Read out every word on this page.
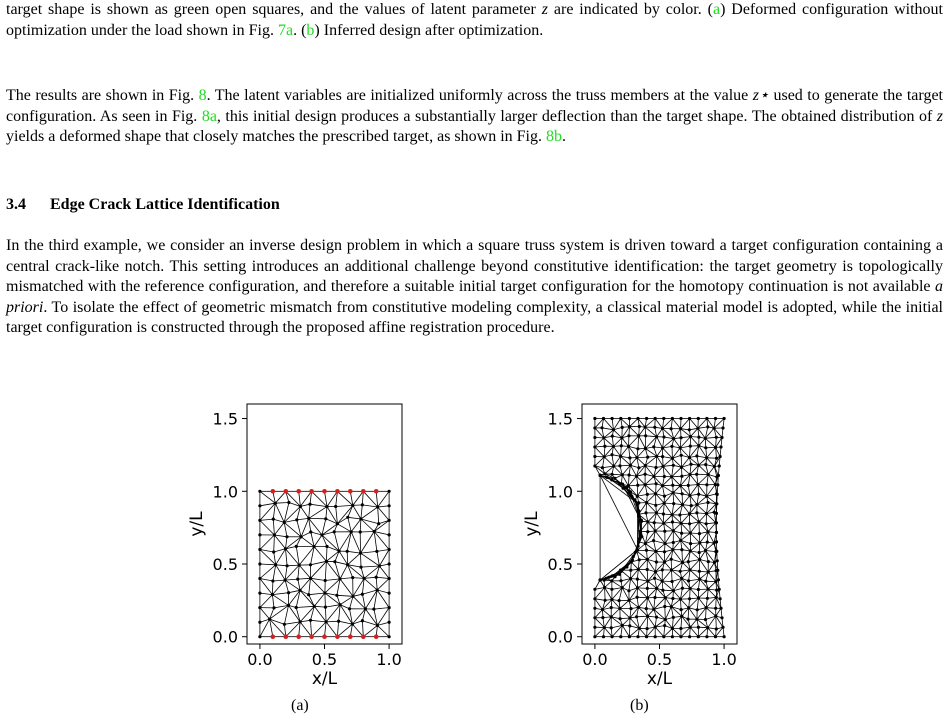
target shape is shown as green open squares, and the values of latent parameter z are indicated by color. (a) Deformed configuration without optimization under the load shown in Fig. 7a. (b) Inferred design after optimization.

The results are shown in Fig. 8. The latent variables are initialized uniformly across the truss members at the value z⋆ used to generate the target configuration. As seen in Fig. 8a, this initial design produces a substantially larger deflection than the target shape. The obtained distribution of z yields a deformed shape that closely matches the prescribed target, as shown in Fig. 8b.

3.4 Edge Crack Lattice Identification

In the third example, we consider an inverse design problem in which a square truss system is driven toward a target configuration containing a central crack-like notch. This setting introduces an additional challenge beyond constitutive identification: the target geometry is topologically mismatched with the reference configuration, and therefore a suitable initial target configuration for the homotopy continuation is not available a priori. To isolate the effect of geometric mismatch from constitutive modeling complexity, a classical material model is adopted, while the initial target configuration is constructed through the proposed affine registration procedure.

0.0 0.5 1.0
0.0
0.5
1.0
1.5
x/L
y/L
0.0 0.5 1.0
0.0
0.5
1.0
1.5
x/L
y/L
(a)	(b)
